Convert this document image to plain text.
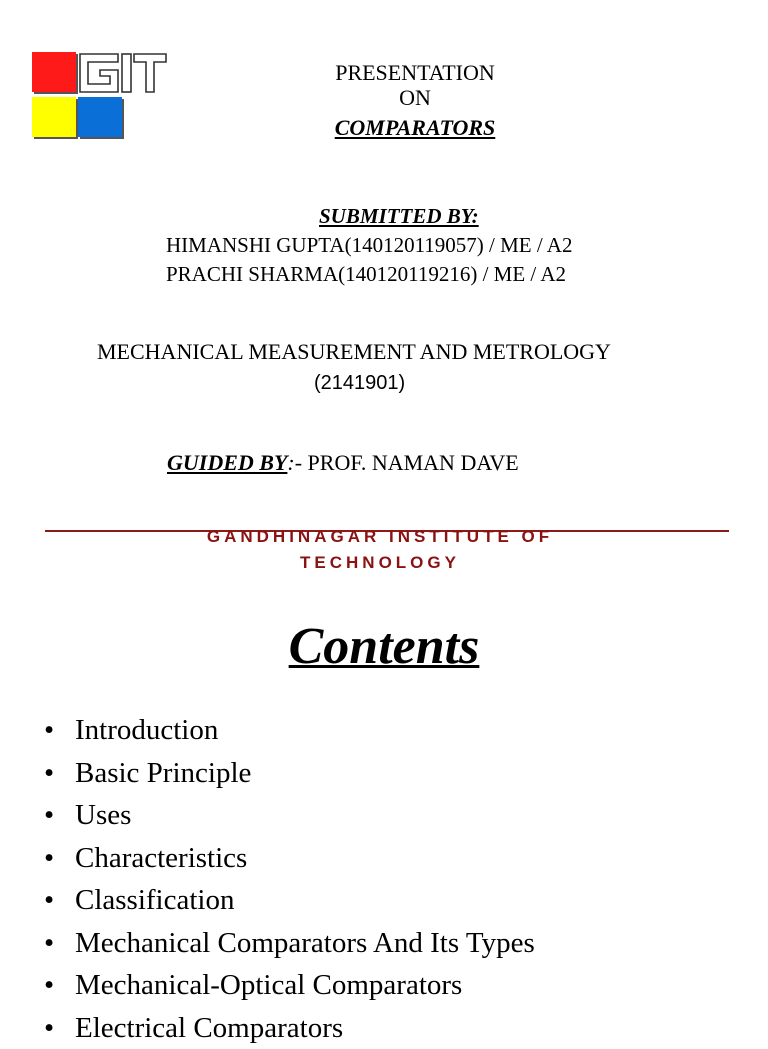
PRESENTATION
ON
COMPARATORS
SUBMITTED BY:
HIMANSHI GUPTA(140120119057) / ME / A2
PRACHI SHARMA(140120119216) / ME / A2
MECHANICAL MEASUREMENT AND METROLOGY
(2141901)
GUIDED BY:- PROF. NAMAN DAVE
GANDHINAGAR INSTITUTE OF
TECHNOLOGY
Contents
• Introduction
• Basic Principle
• Uses
• Characteristics
• Classification
• Mechanical Comparators And Its Types
• Mechanical-Optical Comparators
• Electrical Comparators
